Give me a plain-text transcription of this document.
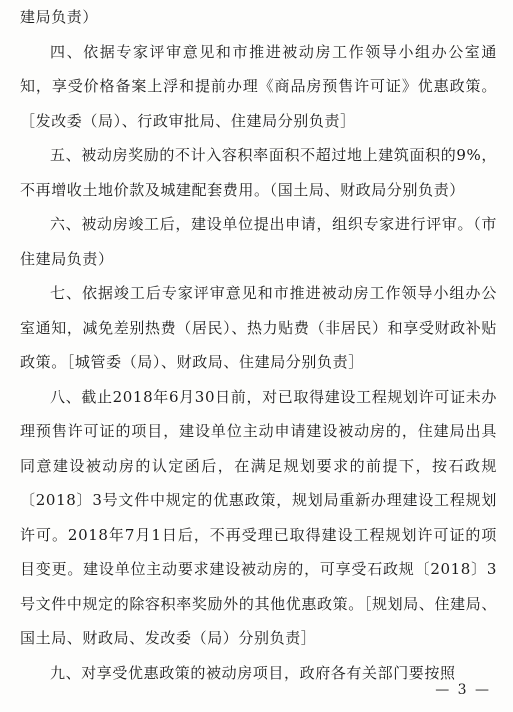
建局负责）

四、依据专家评审意见和市推进被动房工作领导小组办公室通知，享受价格备案上浮和提前办理《商品房预售许可证》优惠政策。［发改委（局）、行政审批局、住建局分别负责］

五、被动房奖励的不计入容积率面积不超过地上建筑面积的9%，不再增收土地价款及城建配套费用。（国土局、财政局分别负责）

六、被动房竣工后，建设单位提出申请，组织专家进行评审。（市住建局负责）

七、依据竣工后专家评审意见和市推进被动房工作领导小组办公室通知，减免差别热费（居民）、热力贴费（非居民）和享受财政补贴政策。［城管委（局）、财政局、住建局分别负责］

八、截止2018年6月30日前，对已取得建设工程规划许可证未办理预售许可证的项目，建设单位主动申请建设被动房的，住建局出具同意建设被动房的认定函后，在满足规划要求的前提下，按石政规〔2018〕3号文件中规定的优惠政策，规划局重新办理建设工程规划许可。2018年7月1日后，不再受理已取得建设工程规划许可证的项目变更。建设单位主动要求建设被动房的，可享受石政规〔2018〕3号文件中规定的除容积率奖励外的其他优惠政策。［规划局、住建局、国土局、财政局、发改委（局）分别负责］

九、对享受优惠政策的被动房项目，政府各有关部门要按照

— 3 —
